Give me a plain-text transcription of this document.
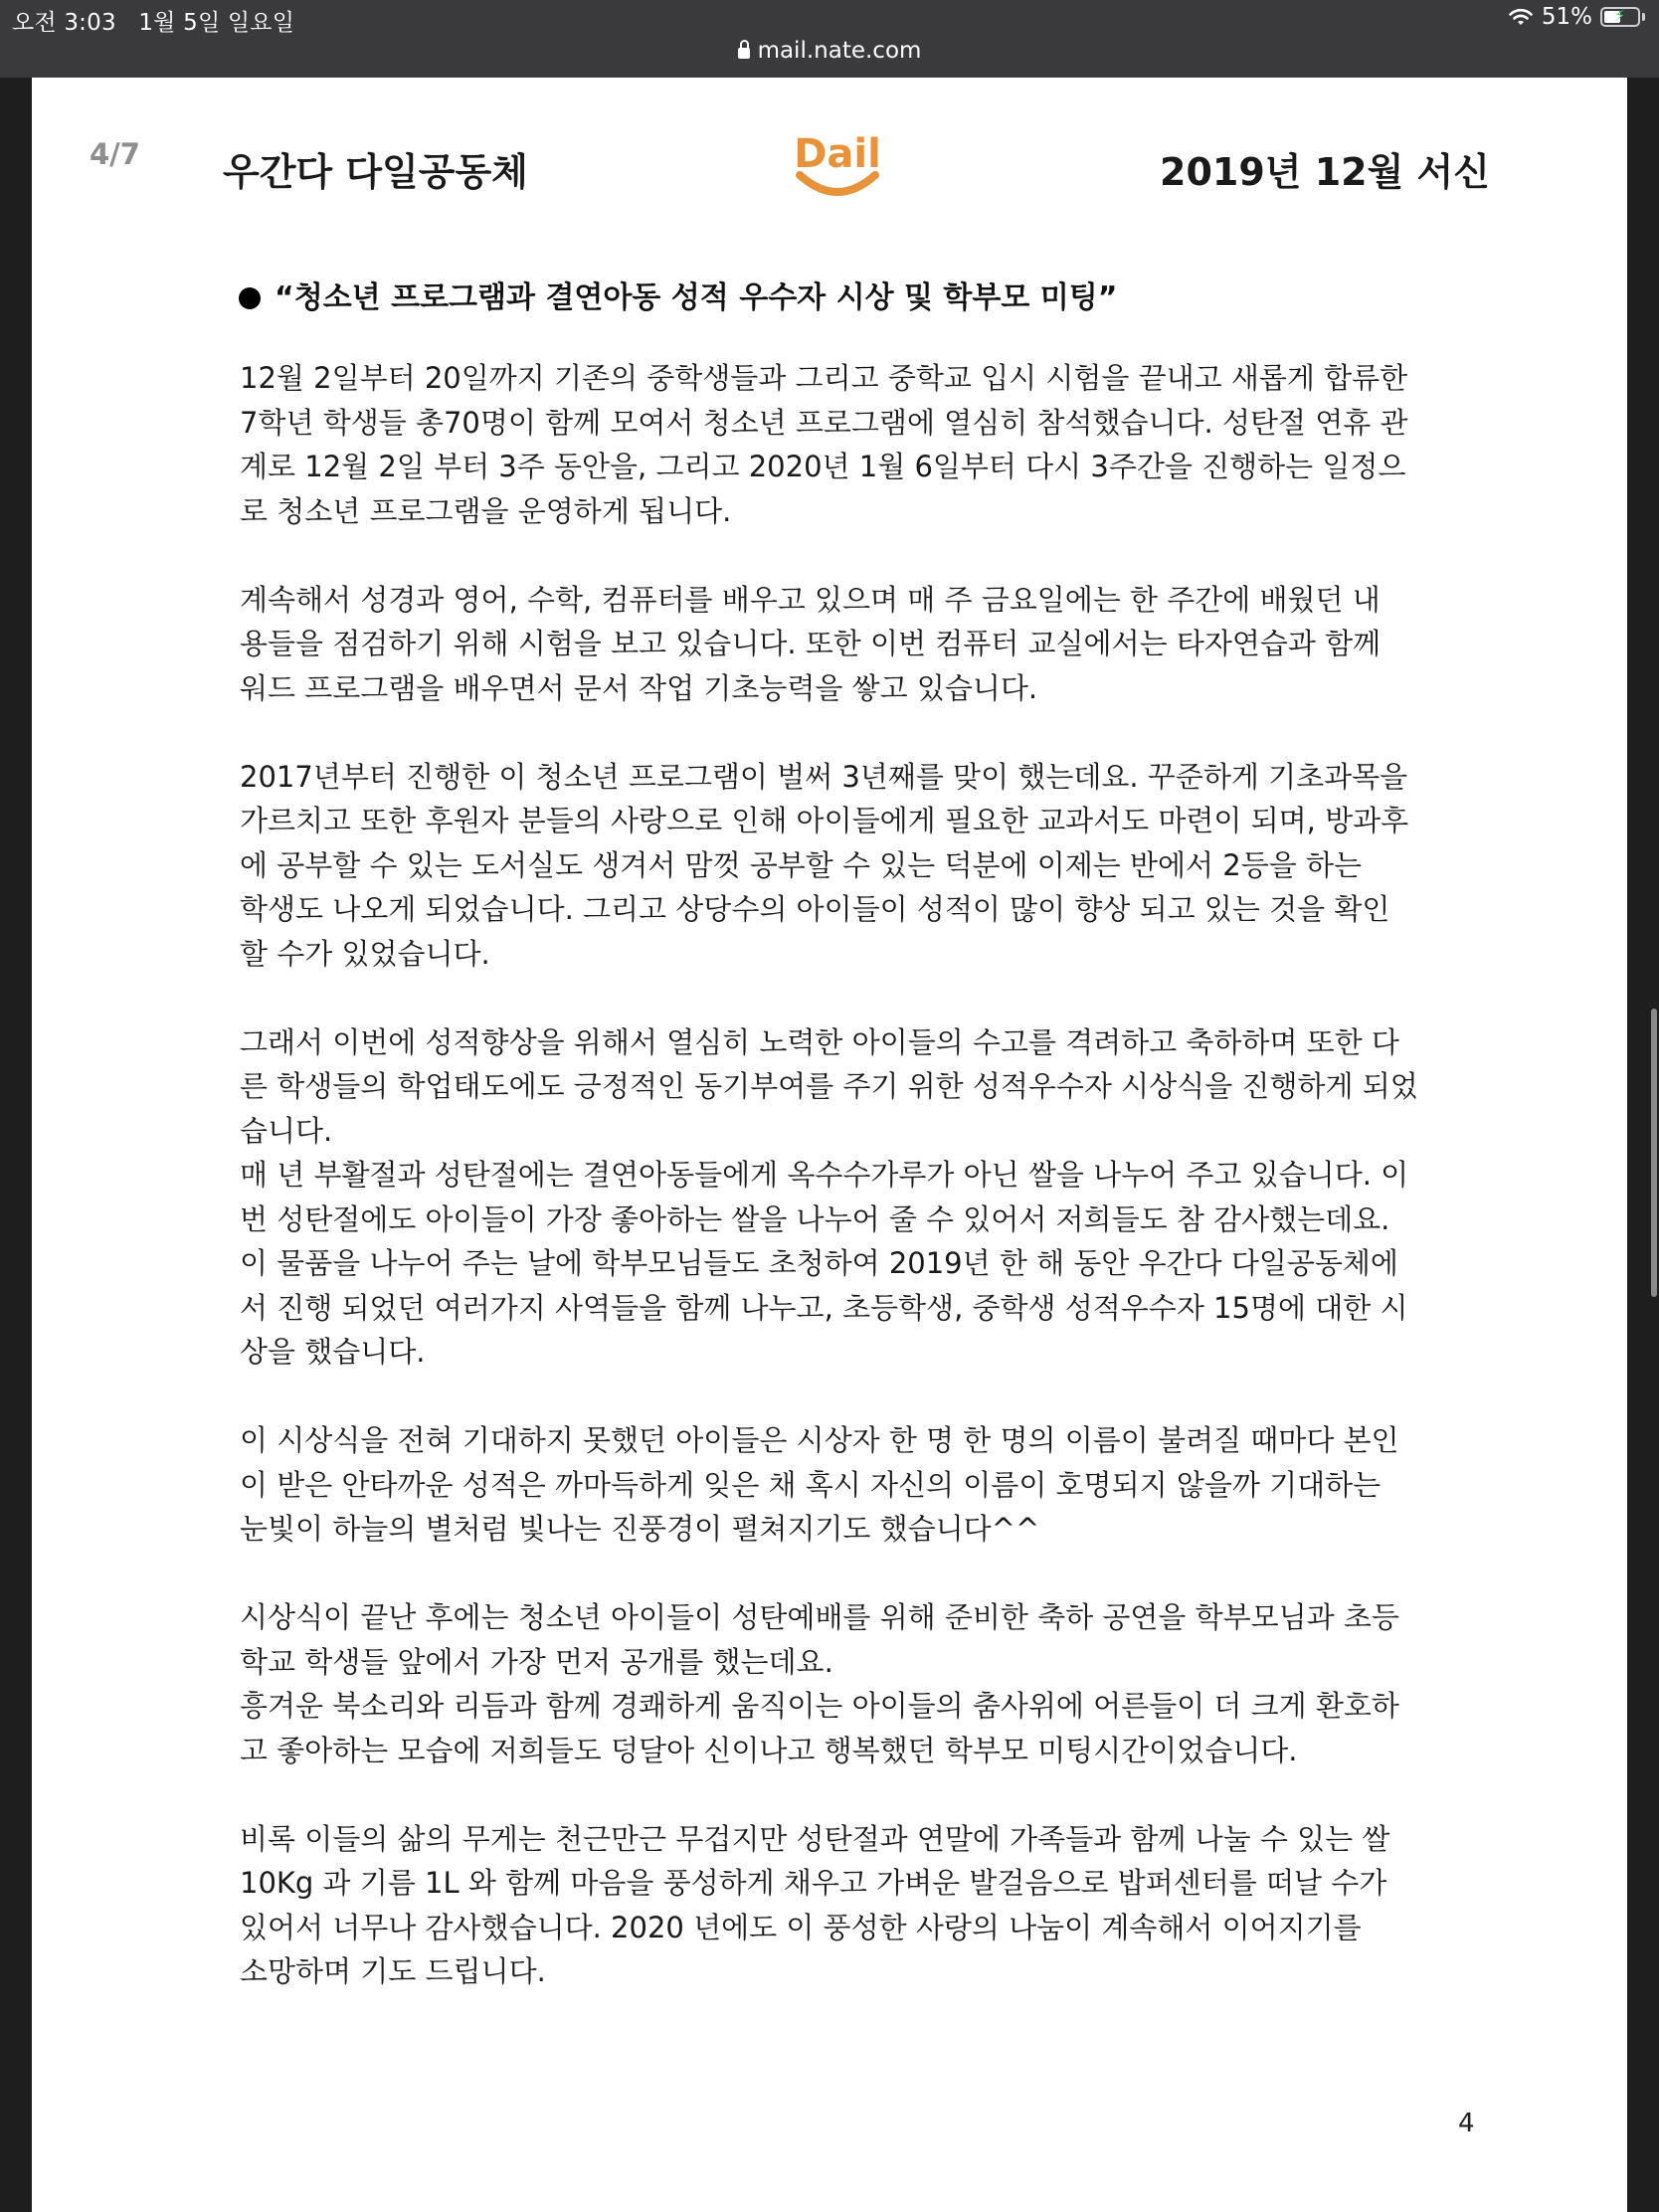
오전 3:03 1월 5일 일요일	51% ⚡
mail.nate.com
4/7 우간다 다일공동체	Dail	2019년 12월 서신
“청소년 프로그램과 결연아동 성적 우수자 시상 및 학부모 미팅”
12월 2일부터 20일까지 기존의 중학생들과 그리고 중학교 입시 시험을 끝내고 새롭게 합류한
7학년 학생들 총70명이 함께 모여서 청소년 프로그램에 열심히 참석했습니다. 성탄절 연휴 관
계로 12월 2일 부터 3주 동안을, 그리고 2020년 1월 6일부터 다시 3주간을 진행하는 일정으
로 청소년 프로그램을 운영하게 됩니다.
계속해서 성경과 영어, 수학, 컴퓨터를 배우고 있으며 매 주 금요일에는 한 주간에 배웠던 내
용들을 점검하기 위해 시험을 보고 있습니다. 또한 이번 컴퓨터 교실에서는 타자연습과 함께
워드 프로그램을 배우면서 문서 작업 기초능력을 쌓고 있습니다.
2017년부터 진행한 이 청소년 프로그램이 벌써 3년째를 맞이 했는데요. 꾸준하게 기초과목을
가르치고 또한 후원자 분들의 사랑으로 인해 아이들에게 필요한 교과서도 마련이 되며, 방과후
에 공부할 수 있는 도서실도 생겨서 맘껏 공부할 수 있는 덕분에 이제는 반에서 2등을 하는
학생도 나오게 되었습니다. 그리고 상당수의 아이들이 성적이 많이 향상 되고 있는 것을 확인
할 수가 있었습니다.
그래서 이번에 성적향상을 위해서 열심히 노력한 아이들의 수고를 격려하고 축하하며 또한 다
른 학생들의 학업태도에도 긍정적인 동기부여를 주기 위한 성적우수자 시상식을 진행하게 되었
습니다.
매 년 부활절과 성탄절에는 결연아동들에게 옥수수가루가 아닌 쌀을 나누어 주고 있습니다. 이
번 성탄절에도 아이들이 가장 좋아하는 쌀을 나누어 줄 수 있어서 저희들도 참 감사했는데요.
이 물품을 나누어 주는 날에 학부모님들도 초청하여 2019년 한 해 동안 우간다 다일공동체에
서 진행 되었던 여러가지 사역들을 함께 나누고, 초등학생, 중학생 성적우수자 15명에 대한 시
상을 했습니다.
이 시상식을 전혀 기대하지 못했던 아이들은 시상자 한 명 한 명의 이름이 불려질 때마다 본인
이 받은 안타까운 성적은 까마득하게 잊은 채 혹시 자신의 이름이 호명되지 않을까 기대하는
눈빛이 하늘의 별처럼 빛나는 진풍경이 펼쳐지기도 했습니다^^
시상식이 끝난 후에는 청소년 아이들이 성탄예배를 위해 준비한 축하 공연을 학부모님과 초등
학교 학생들 앞에서 가장 먼저 공개를 했는데요.
흥겨운 북소리와 리듬과 함께 경쾌하게 움직이는 아이들의 춤사위에 어른들이 더 크게 환호하
고 좋아하는 모습에 저희들도 덩달아 신이나고 행복했던 학부모 미팅시간이었습니다.
비록 이들의 삶의 무게는 천근만근 무겁지만 성탄절과 연말에 가족들과 함께 나눌 수 있는 쌀
10Kg 과 기름 1L 와 함께 마음을 풍성하게 채우고 가벼운 발걸음으로 밥퍼센터를 떠날 수가
있어서 너무나 감사했습니다. 2020 년에도 이 풍성한 사랑의 나눔이 계속해서 이어지기를
소망하며 기도 드립니다.
4
